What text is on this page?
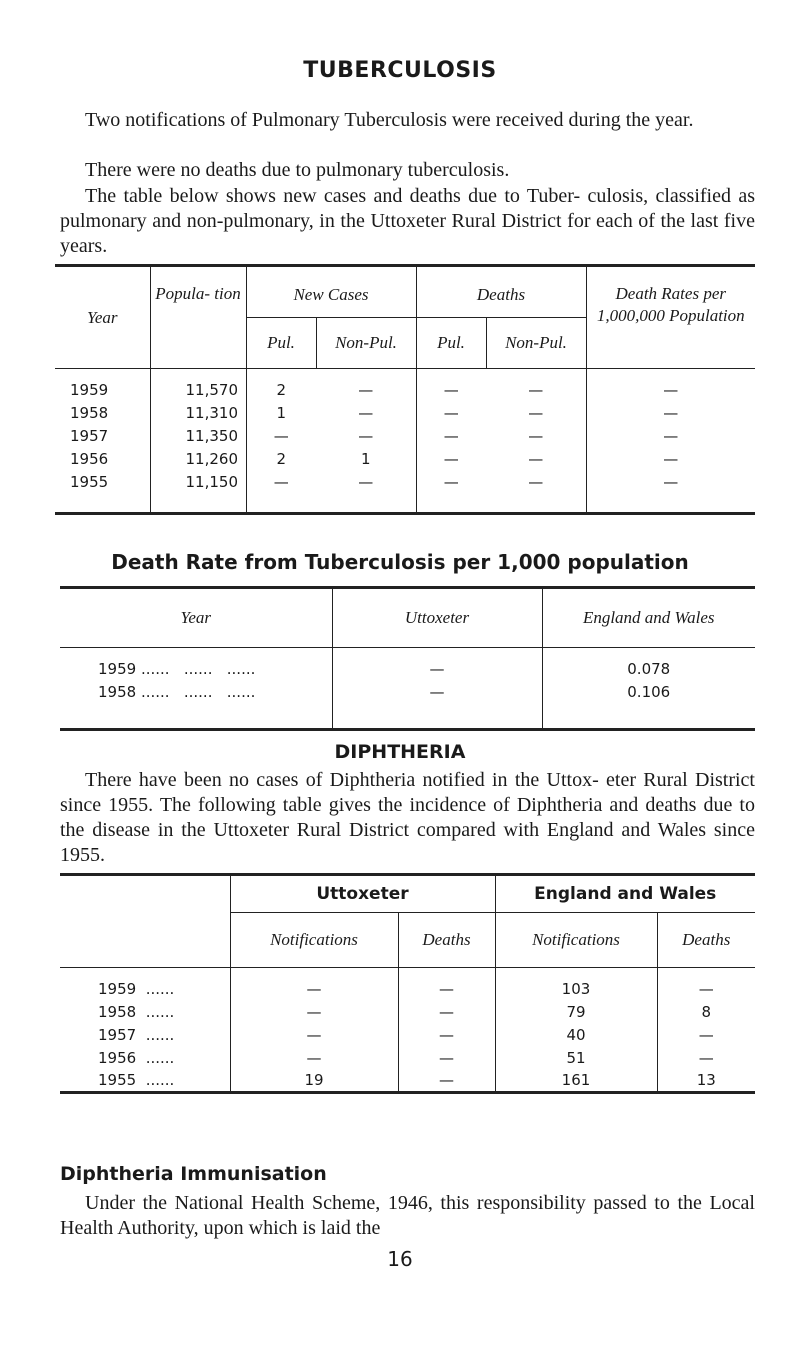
TUBERCULOSIS

Two notifications of Pulmonary Tuberculosis were received during the year.

There were no deaths due to pulmonary tuberculosis.

The table below shows new cases and deaths due to Tuber- culosis, classified as pulmonary and non-pulmonary, in the Uttoxeter Rural District for each of the last five years.

Year	Popula- tion	New Cases		Deaths		Death Rates per 1,000,000 Population
		Pul.	Non-Pul.	Pul.	Non-Pul.	

1959	11,570	2	—	—	—	—
1958	11,310	1	—	—	—	—
1957	11,350	—	—	—	—	—
1956	11,260	2	1	—	—	—
1955	11,150	—	—	—	—	—

Death Rate from Tuberculosis per 1,000 population
Year	Uttoxeter	England and Wales

1959 ......   ......   ......	—	0.078
1958 ......   ......   ......	—	0.106

DIPHTHERIA

There have been no cases of Diphtheria notified in the Uttox- eter Rural District since 1955. The following table gives the incidence of Diphtheria and deaths due to the disease in the Uttoxeter Rural District compared with England and Wales since 1955.

	Uttoxeter		England and Wales	
	Notifications	Deaths	Notifications	Deaths

1959  ......	—	—	103	—
1958  ......	—	—	79	8
1957  ......	—	—	40	—
1956  ......	—	—	51	—
1955  ......	19	—	161	13
Diphtheria Immunisation

Under the National Health Scheme, 1946, this responsibility passed to the Local Health Authority, upon which is laid the

16
